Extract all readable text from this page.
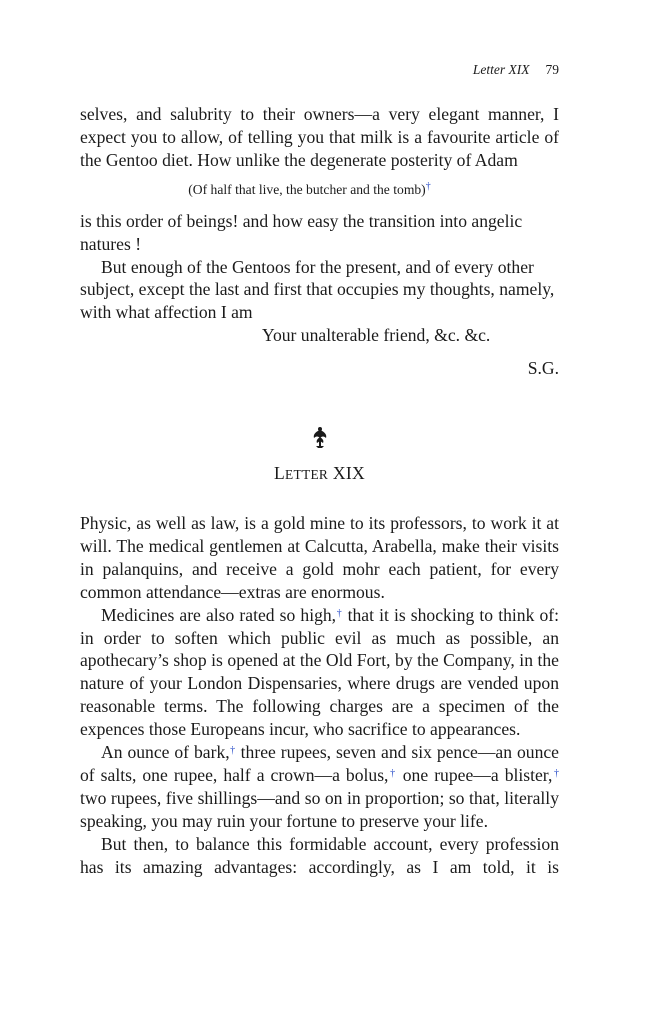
Letter XIX 79

selves, and salubrity to their owners—a very elegant manner, I expect you to allow, of telling you that milk is a favourite article of the Gentoo diet. How unlike the degenerate posterity of Adam

(Of half that live, the butcher and the tomb)†

is this order of beings! and how easy the transition into angelic natures !

But enough of the Gentoos for the present, and of every other subject, except the last and first that occupies my thoughts, namely, with what affection I am

Your unalterable friend, &c. &c.
S.G.
LETTER XIX

Physic, as well as law, is a gold mine to its professors, to work it at will. The medical gentlemen at Calcutta, Arabella, make their visits in palanquins, and receive a gold mohr each patient, for every common attendance—extras are enormous.

Medicines are also rated so high,† that it is shocking to think of: in order to soften which public evil as much as possible, an apothecary’s shop is opened at the Old Fort, by the Company, in the nature of your London Dispensaries, where drugs are vended upon reasonable terms. The following charges are a specimen of the expences those Europeans incur, who sacrifice to appearances.

An ounce of bark,† three rupees, seven and six pence—an ounce of salts, one rupee, half a crown—a bolus,† one rupee—a blister,† two rupees, five shillings—and so on in proportion; so that, literally speaking, you may ruin your fortune to preserve your life.

But then, to balance this formidable account, every profession has its amazing advantages: accordingly, as I am told, it is
